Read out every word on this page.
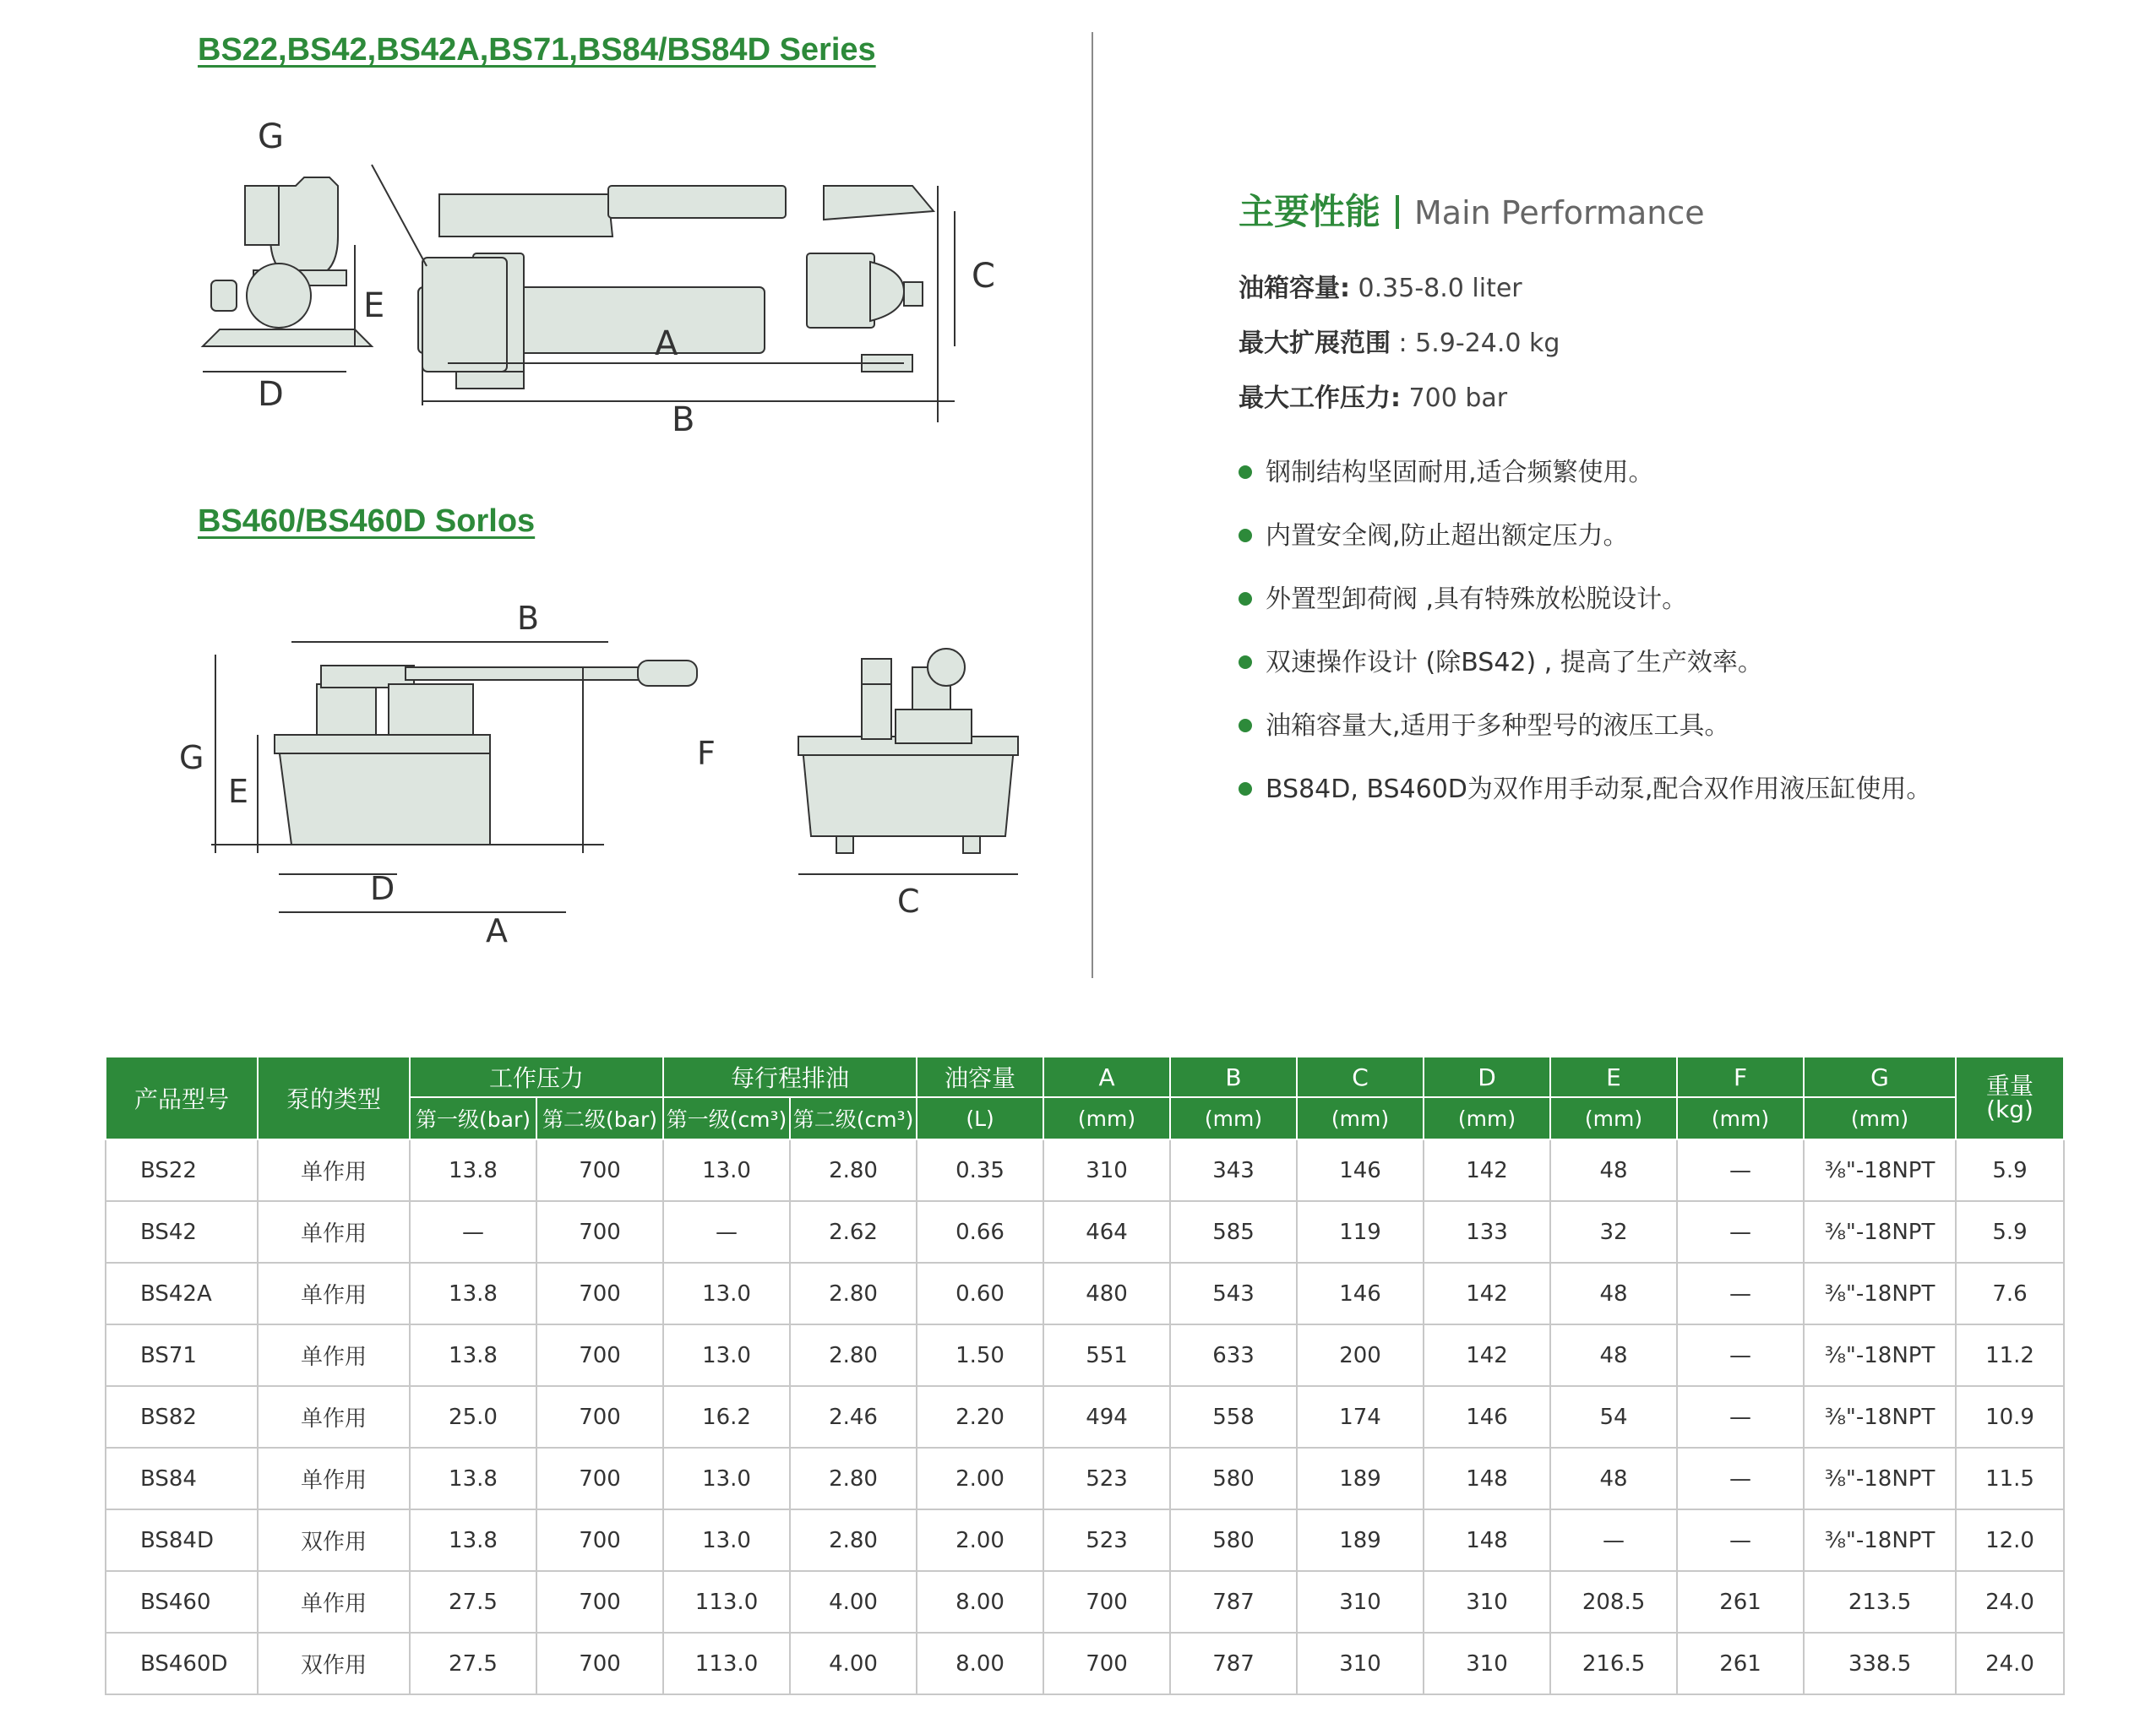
BS22,BS42,BS42A,BS71,BS84/BS84D Series
BS460/BS460D Sorlos
G
E
D
A
B
C
B
G
E
F
D
A
C
主要性能 Main Performance
油箱容量: 0.35-8.0 liter
最大扩展范围 : 5.9-24.0 kg
最大工作压力: 700 bar
钢制结构坚固耐用,适合频繁使用。
内置安全阀,防止超出额定压力。
外置型卸荷阀 ,具有特殊放松脱设计。
双速操作设计 (除BS42) , 提高了生产效率。
油箱容量大,适用于多种型号的液压工具。
BS84D, BS460D为双作用手动泵,配合双作用液压缸使用。
产品型号	泵的类型	工作压力		每行程排油		油容量	A	B	C	D	E	F	G	重量
(kg)
		第一级(bar)	第二级(bar)	第一级(cm³)	第二级(cm³)	(L)	(mm)	(mm)	(mm)	(mm)	(mm)	(mm)	(mm)	
BS22	单作用	13.8	700	13.0	2.80	0.35	310	343	146	142	48	—	⅜"-18NPT	5.9
BS42	单作用	—	700	—	2.62	0.66	464	585	119	133	32	—	⅜"-18NPT	5.9
BS42A	单作用	13.8	700	13.0	2.80	0.60	480	543	146	142	48	—	⅜"-18NPT	7.6
BS71	单作用	13.8	700	13.0	2.80	1.50	551	633	200	142	48	—	⅜"-18NPT	11.2
BS82	单作用	25.0	700	16.2	2.46	2.20	494	558	174	146	54	—	⅜"-18NPT	10.9
BS84	单作用	13.8	700	13.0	2.80	2.00	523	580	189	148	48	—	⅜"-18NPT	11.5
BS84D	双作用	13.8	700	13.0	2.80	2.00	523	580	189	148	—	—	⅜"-18NPT	12.0
BS460	单作用	27.5	700	113.0	4.00	8.00	700	787	310	310	208.5	261	213.5	24.0
BS460D	双作用	27.5	700	113.0	4.00	8.00	700	787	310	310	216.5	261	338.5	24.0
